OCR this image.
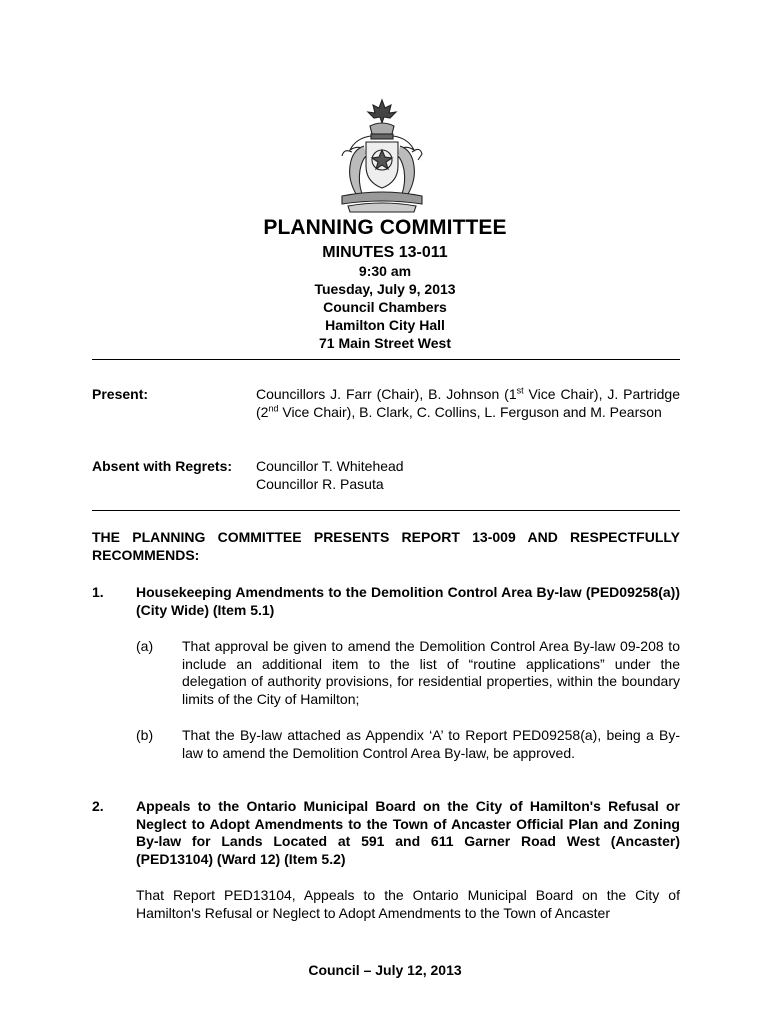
PLANNING COMMITTEE
MINUTES 13-011
9:30 am
Tuesday, July 9, 2013
Council Chambers
Hamilton City Hall
71 Main Street West
Present:	Councillors J. Farr (Chair), B. Johnson (1st Vice Chair), J. Partridge (2nd Vice Chair), B. Clark, C. Collins, L. Ferguson and M. Pearson
Absent with Regrets: Councillor T. Whitehead
Councillor R. Pasuta
THE PLANNING COMMITTEE PRESENTS REPORT 13-009 AND RESPECTFULLY RECOMMENDS:
1. Housekeeping Amendments to the Demolition Control Area By-law (PED09258(a)) (City Wide) (Item 5.1)
(a) That approval be given to amend the Demolition Control Area By-law 09-208 to include an additional item to the list of “routine applications” under the delegation of authority provisions, for residential properties, within the boundary limits of the City of Hamilton;
(b) That the By-law attached as Appendix ‘A’ to Report PED09258(a), being a By-law to amend the Demolition Control Area By-law, be approved.
2. Appeals to the Ontario Municipal Board on the City of Hamilton's Refusal or Neglect to Adopt Amendments to the Town of Ancaster Official Plan and Zoning By-law for Lands Located at 591 and 611 Garner Road West (Ancaster) (PED13104) (Ward 12) (Item 5.2)
That Report PED13104, Appeals to the Ontario Municipal Board on the City of Hamilton's Refusal or Neglect to Adopt Amendments to the Town of Ancaster
Council – July 12, 2013
